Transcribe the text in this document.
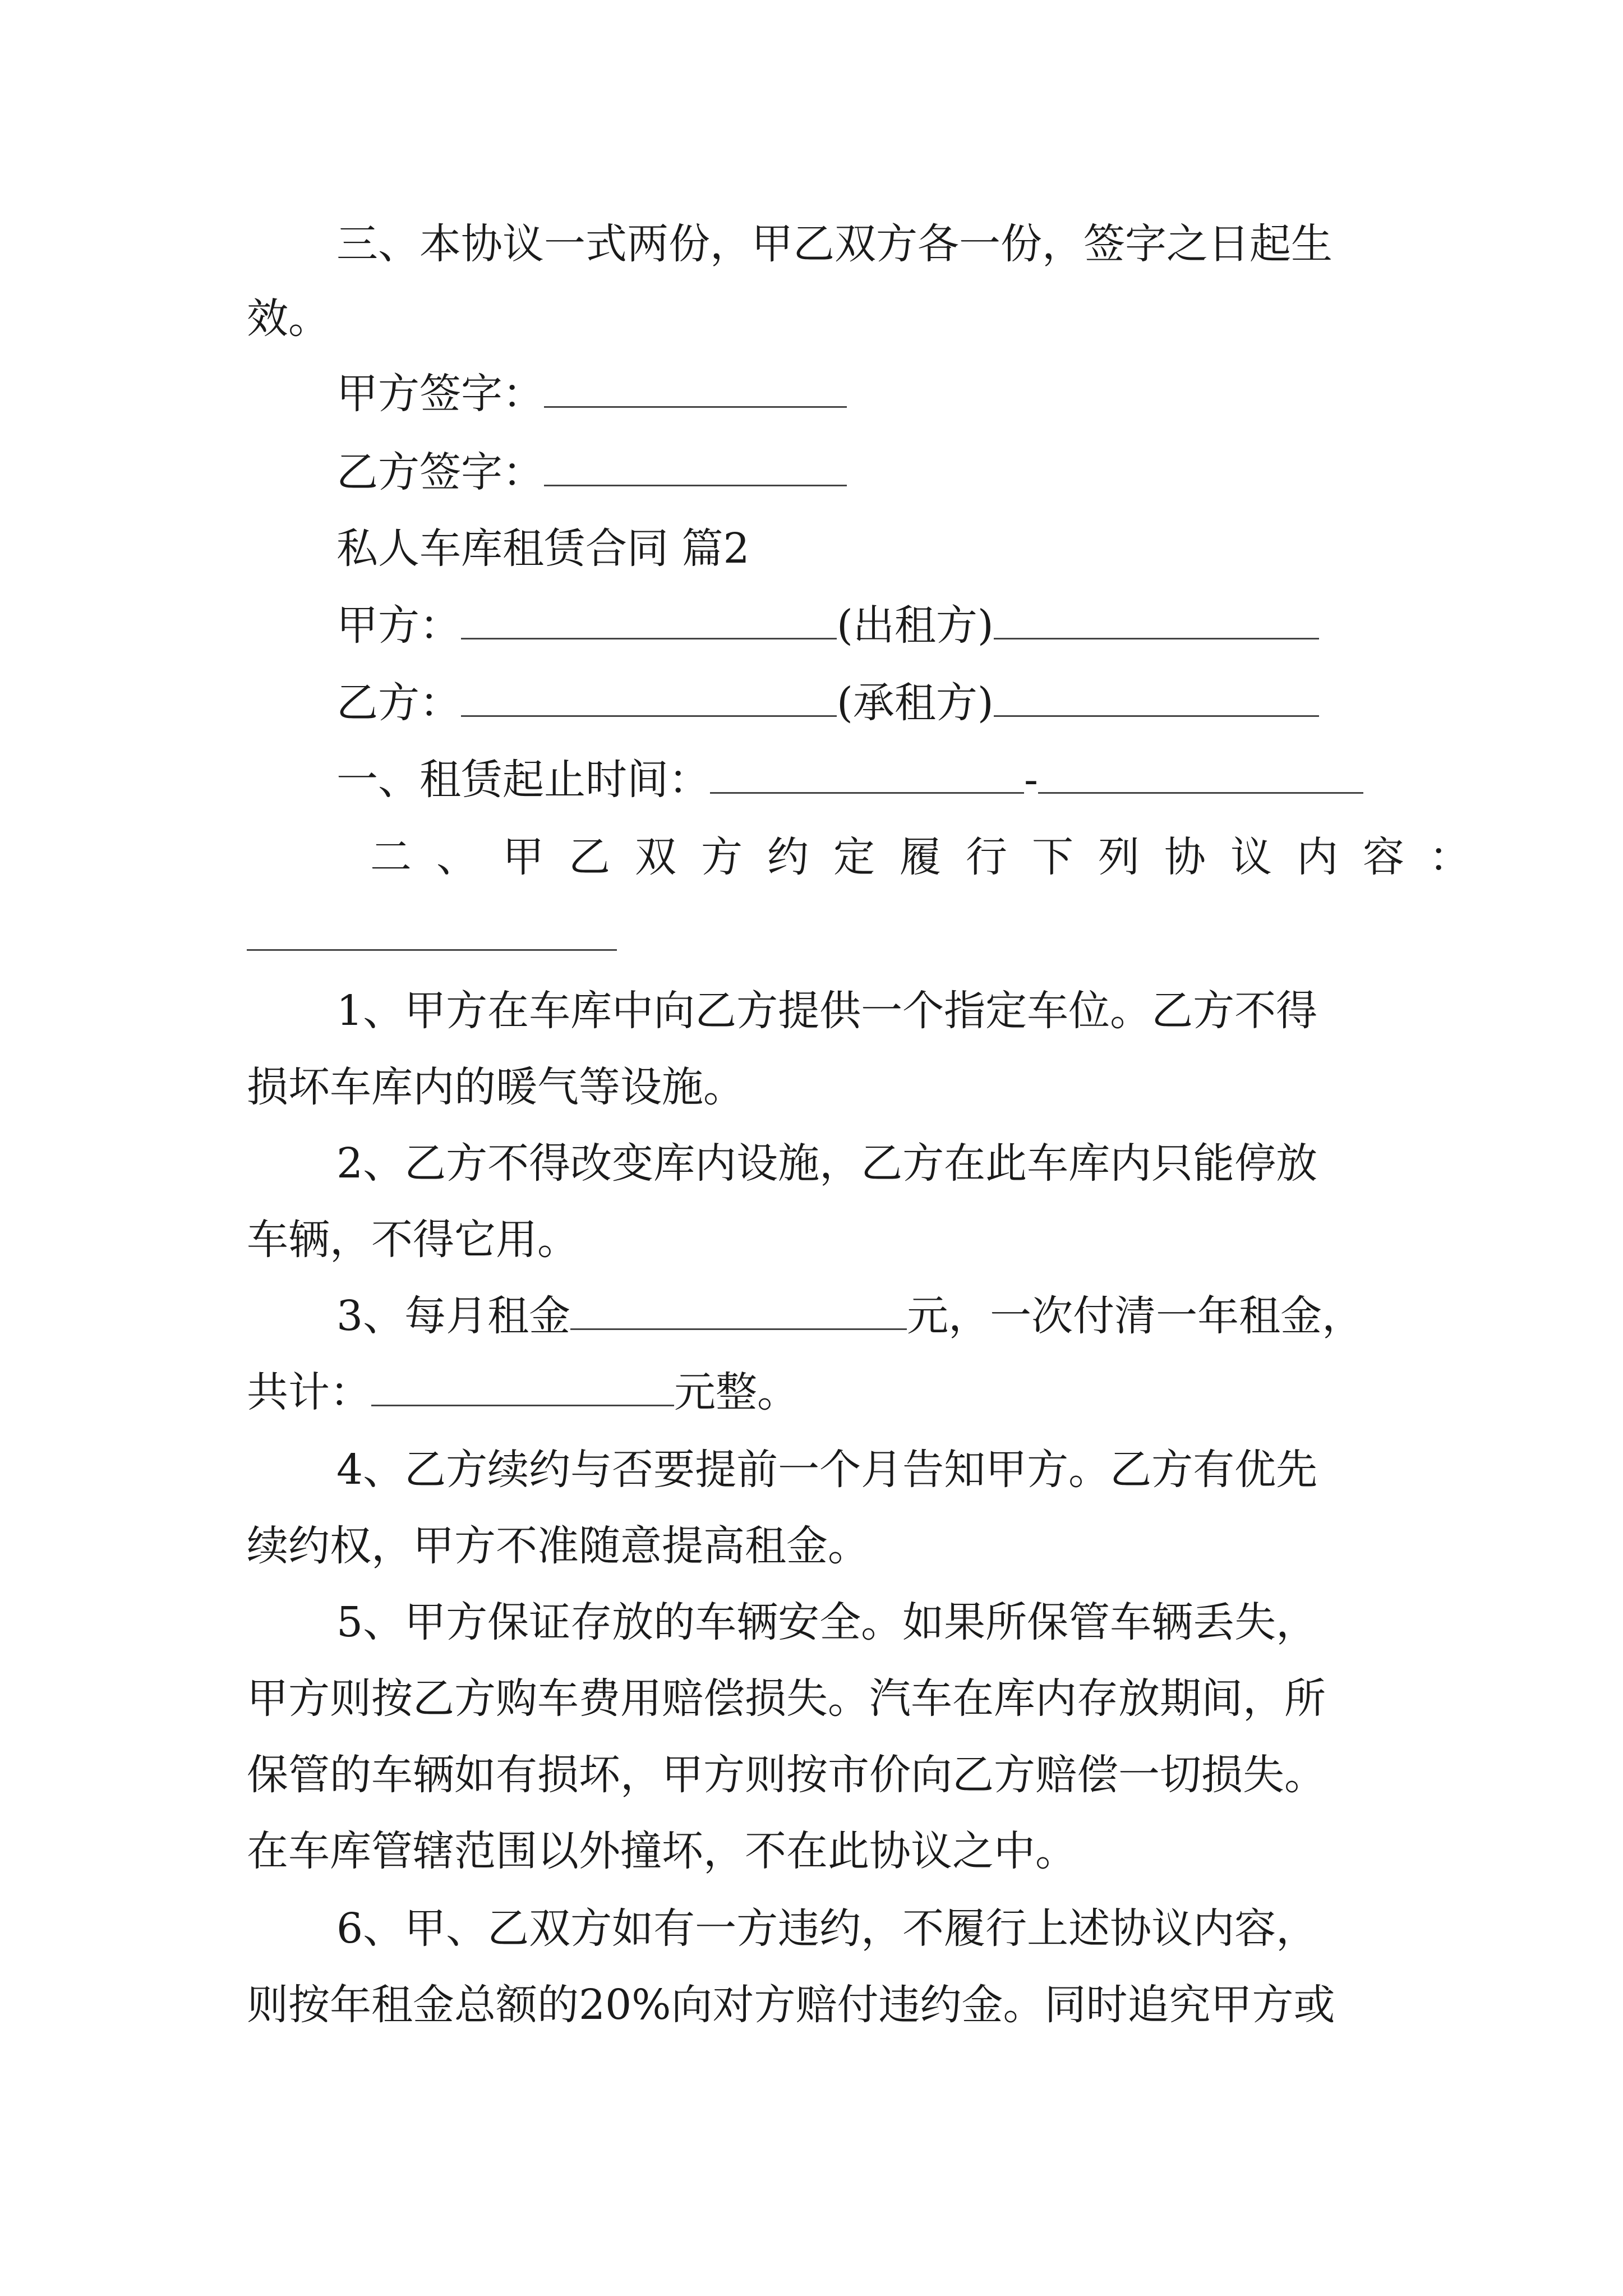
三、本协议一式两份，甲乙双方各一份，签字之日起生
效。
甲方签字：
乙方签字：
私人车库租赁合同 篇2
甲方：	(出租方)
乙方：	(承租方)
一、租赁起止时间：	-
二、甲乙双方约定履行下列协议内容：
1、甲方在车库中向乙方提供一个指定车位。乙方不得
损坏车库内的暖气等设施。
2、乙方不得改变库内设施，乙方在此车库内只能停放
车辆，不得它用。
3、每月租金	元，一次付清一年租金，
共计：	元整。
4、乙方续约与否要提前一个月告知甲方。乙方有优先
续约权，甲方不准随意提高租金。
5、甲方保证存放的车辆安全。如果所保管车辆丢失，
甲方则按乙方购车费用赔偿损失。汽车在库内存放期间，所
保管的车辆如有损坏，甲方则按市价向乙方赔偿一切损失。
在车库管辖范围以外撞坏，不在此协议之中。
6、甲、乙双方如有一方违约，不履行上述协议内容，
则按年租金总额的20%向对方赔付违约金。同时追究甲方或
